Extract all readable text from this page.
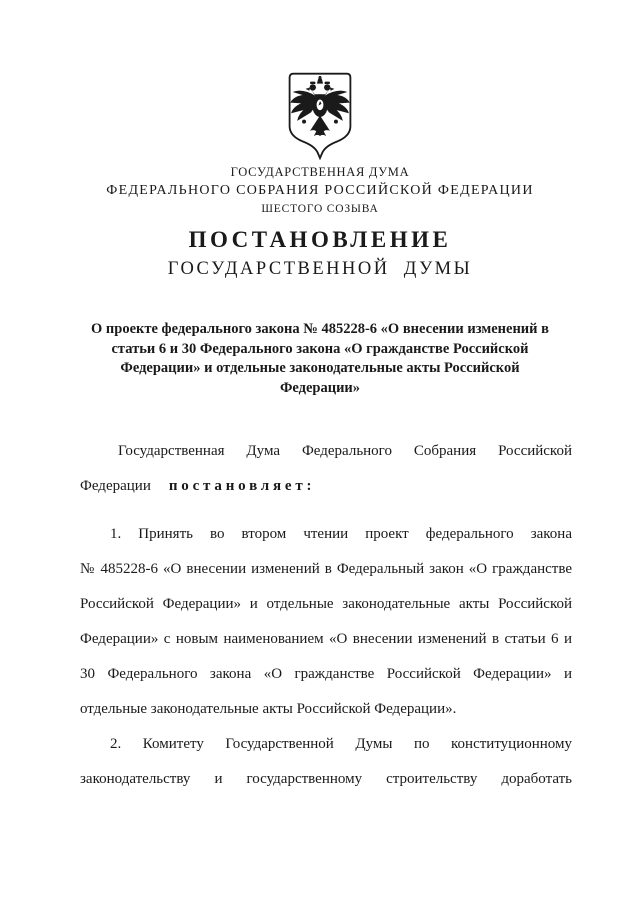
ГОСУДАРСТВЕННАЯ ДУМА
ФЕДЕРАЛЬНОГО СОБРАНИЯ РОССИЙСКОЙ ФЕДЕРАЦИИ
ШЕСТОГО СОЗЫВА
ПОСТАНОВЛЕНИЕ
ГОСУДАРСТВЕННОЙ ДУМЫ
О проекте федерального закона № 485228-6 «О внесении изменений в
статьи 6 и 30 Федерального закона «О гражданстве Российской
Федерации» и отдельные законодательные акты Российской
Федерации»
Государственная Дума Федерального Собрания Российской
Федерации постановляет:
1. Принять во втором чтении проект федерального закона
№ 485228-6 «О внесении изменений в Федеральный закон «О гражданстве
Российской Федерации» и отдельные законодательные акты Российской
Федерации» с новым наименованием «О внесении изменений в статьи 6 и
30 Федерального закона «О гражданстве Российской Федерации» и
отдельные законодательные акты Российской Федерации».
2. Комитету Государственной Думы по конституционному
законодательству и государственному строительству доработать
